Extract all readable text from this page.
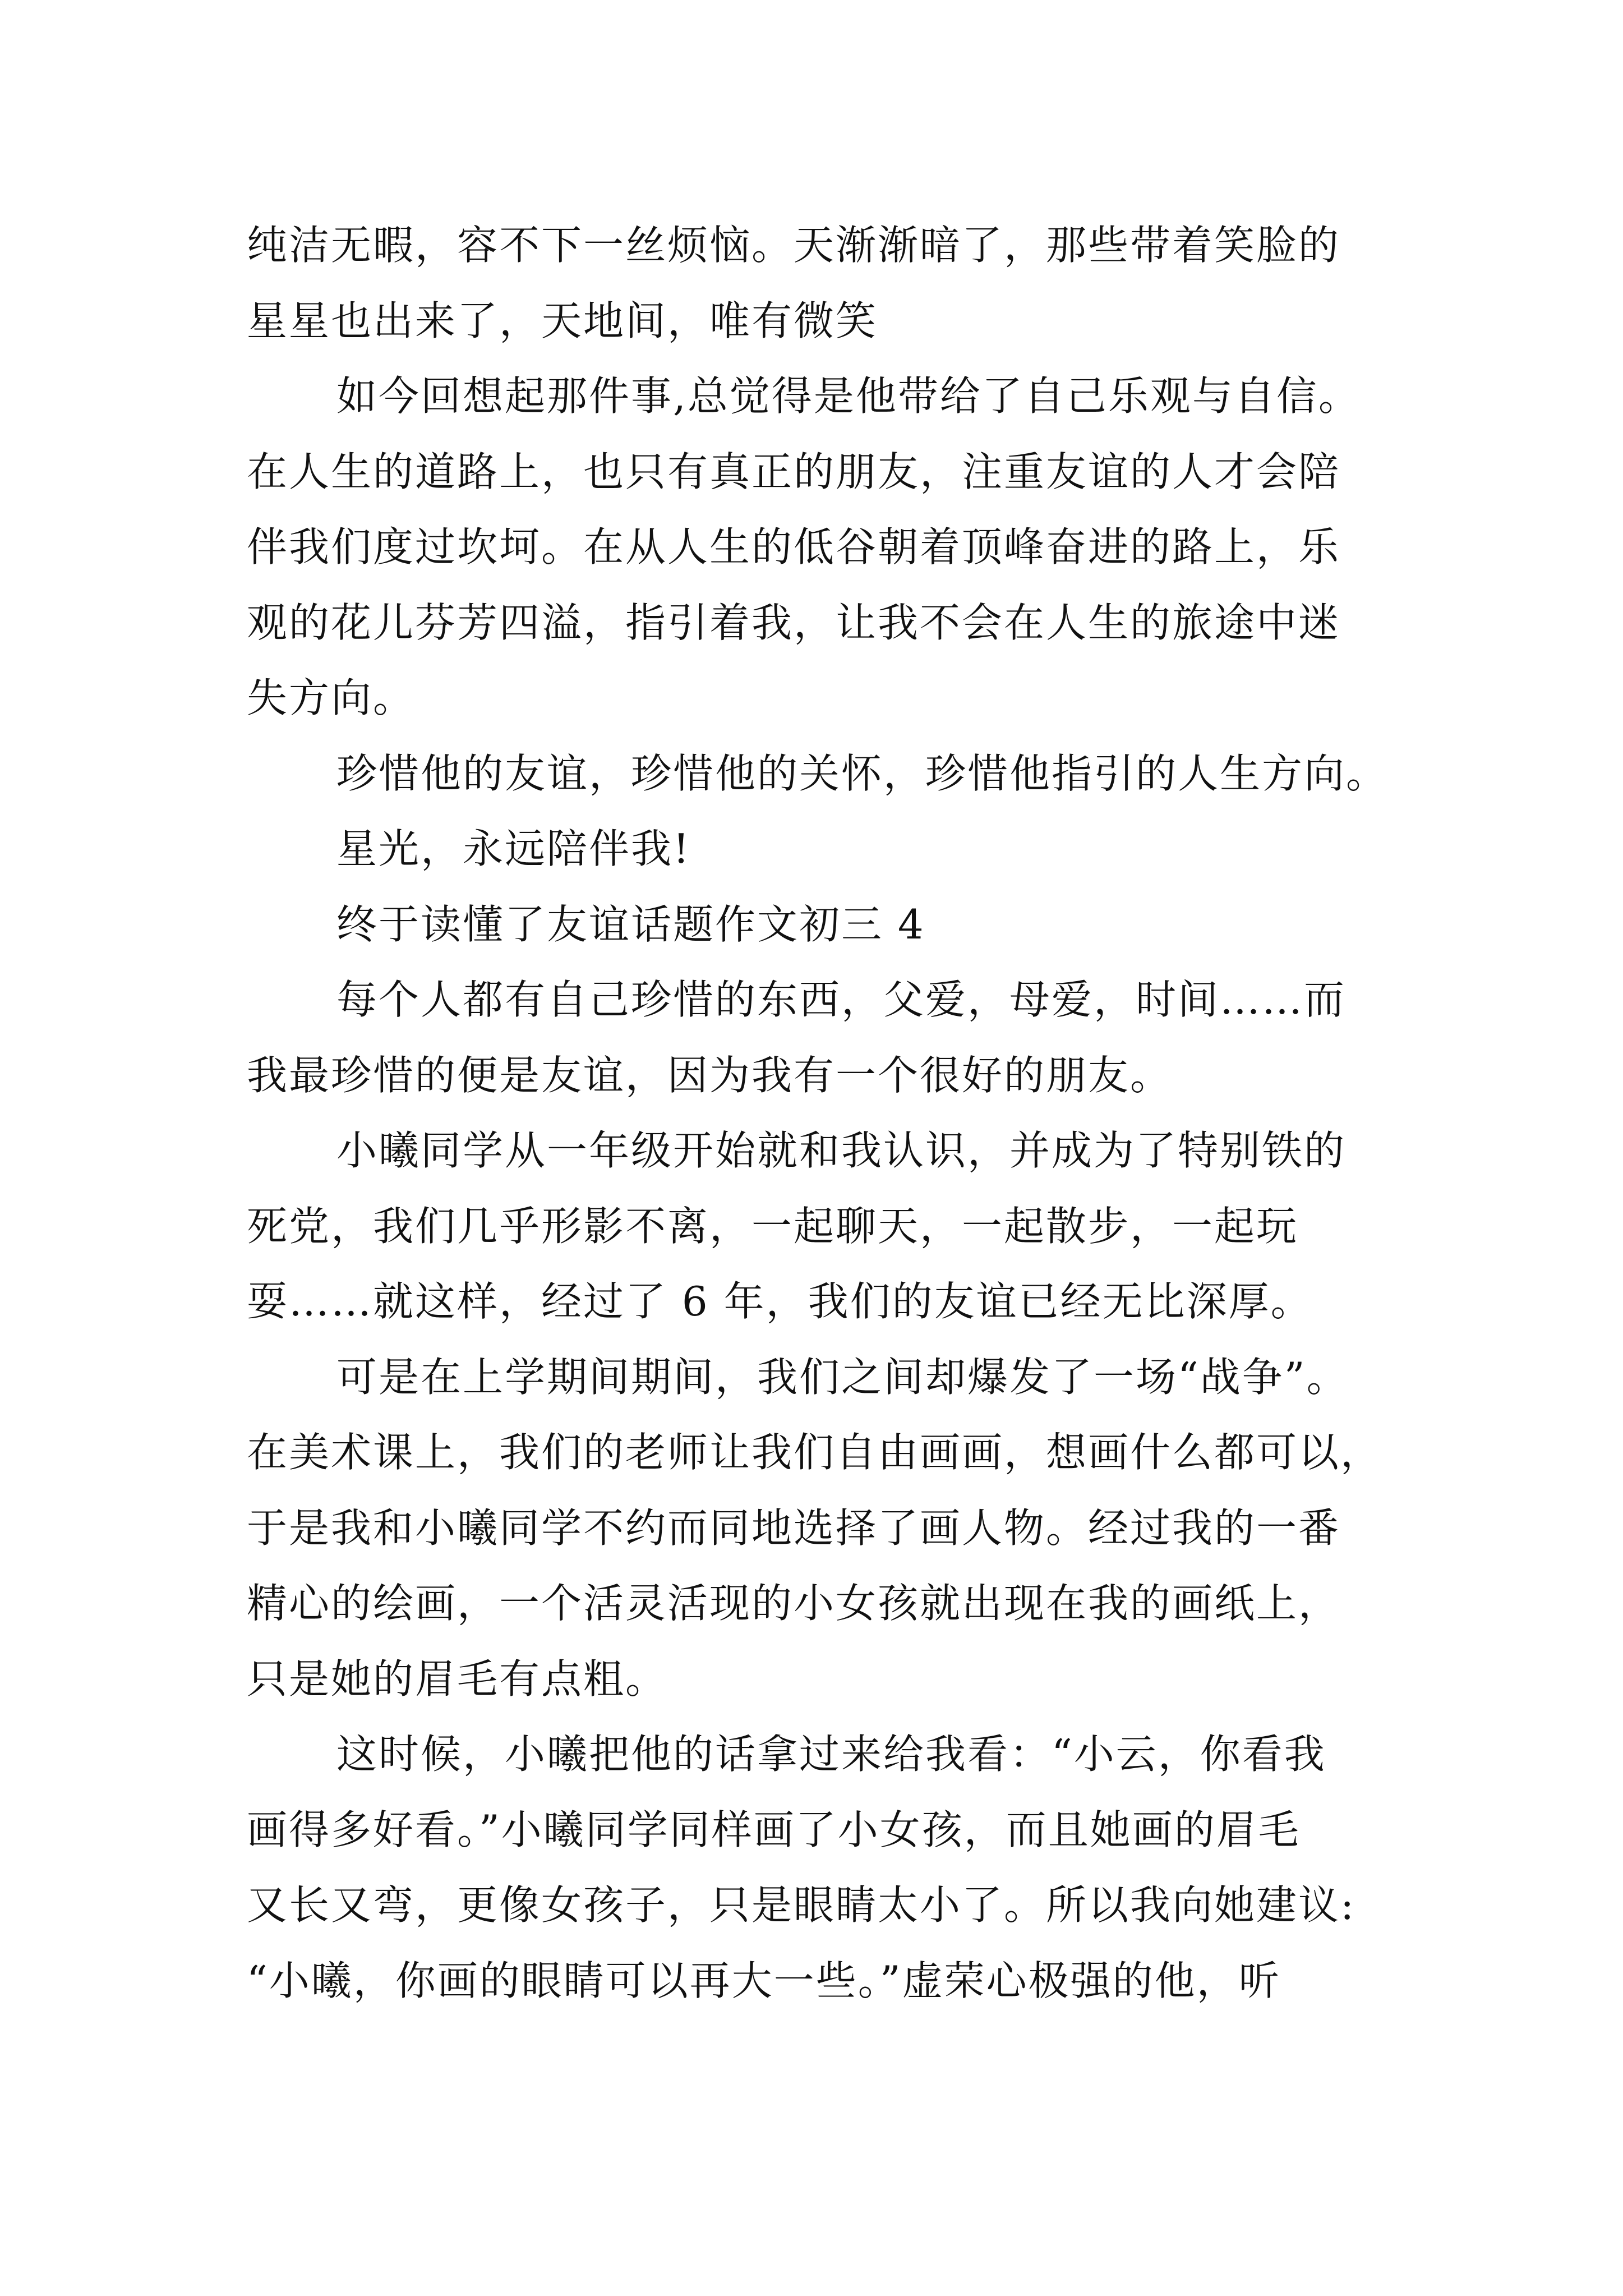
纯洁无暇，容不下一丝烦恼。天渐渐暗了，那些带着笑脸的
星星也出来了，天地间，唯有微笑
如今回想起那件事,总觉得是他带给了自己乐观与自信。
在人生的道路上，也只有真正的朋友，注重友谊的人才会陪
伴我们度过坎坷。在从人生的低谷朝着顶峰奋进的路上，乐
观的花儿芬芳四溢，指引着我，让我不会在人生的旅途中迷
失方向。
珍惜他的友谊，珍惜他的关怀，珍惜他指引的人生方向。
星光，永远陪伴我!
终于读懂了友谊话题作文初三 4
每个人都有自己珍惜的东西，父爱，母爱，时间……而
我最珍惜的便是友谊，因为我有一个很好的朋友。
小曦同学从一年级开始就和我认识，并成为了特别铁的
死党，我们几乎形影不离，一起聊天，一起散步，一起玩
耍……就这样，经过了 6 年，我们的友谊已经无比深厚。
可是在上学期间期间，我们之间却爆发了一场“战争”。
在美术课上，我们的老师让我们自由画画，想画什么都可以，
于是我和小曦同学不约而同地选择了画人物。经过我的一番
精心的绘画，一个活灵活现的小女孩就出现在我的画纸上，
只是她的眉毛有点粗。
这时候，小曦把他的话拿过来给我看：“小云，你看我
画得多好看。”小曦同学同样画了小女孩，而且她画的眉毛
又长又弯，更像女孩子，只是眼睛太小了。所以我向她建议:
“小曦，你画的眼睛可以再大一些。”虚荣心极强的他，听
